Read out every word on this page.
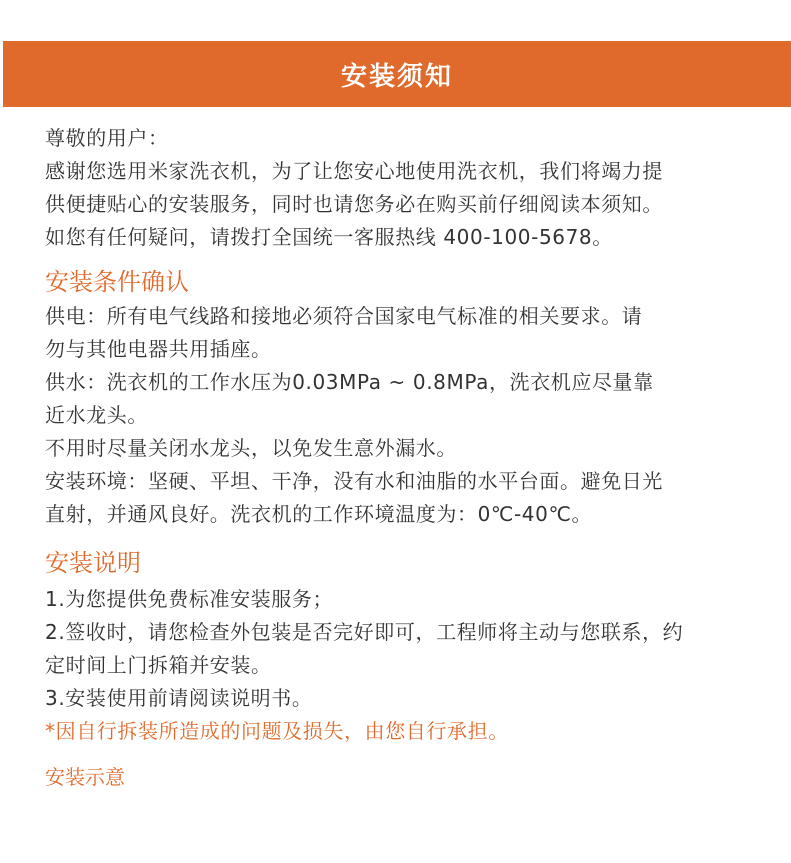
安装须知
尊敬的用户：
感谢您选用米家洗衣机，为了让您安心地使用洗衣机，我们将竭力提
供便捷贴心的安装服务，同时也请您务必在购买前仔细阅读本须知。
如您有任何疑问，请拨打全国统一客服热线 400-100-5678。
安装条件确认
供电：所有电气线路和接地必须符合国家电气标准的相关要求。请
勿与其他电器共用插座。
供水：洗衣机的工作水压为0.03MPa ~ 0.8MPa，洗衣机应尽量靠
近水龙头。
不用时尽量关闭水龙头，以免发生意外漏水。
安装环境：坚硬、平坦、干净，没有水和油脂的水平台面。避免日光
直射，并通风良好。洗衣机的工作环境温度为：0℃-40℃。
安装说明
1.为您提供免费标准安装服务；
2.签收时，请您检查外包装是否完好即可，工程师将主动与您联系，约
定时间上门拆箱并安装。
3.安装使用前请阅读说明书。
*因自行拆装所造成的问题及损失，由您自行承担。
安装示意
